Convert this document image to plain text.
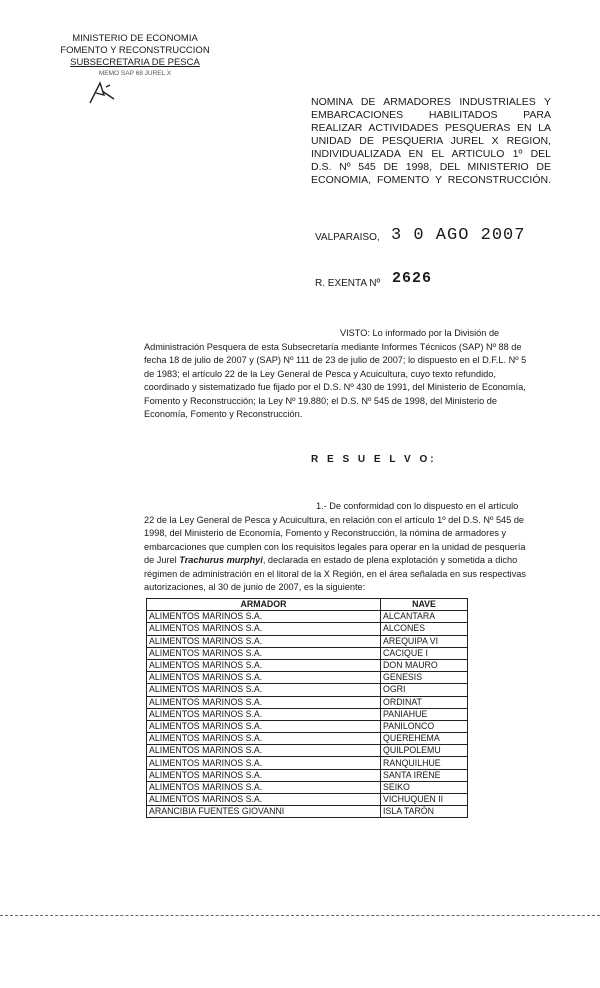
MINISTERIO DE ECONOMIA
FOMENTO Y RECONSTRUCCION
SUBSECRETARIA DE PESCA
MEMO SAP 68 JUREL X
NOMINA DE ARMADORES INDUSTRIALES Y
EMBARCACIONES HABILITADOS PARA
REALIZAR ACTIVIDADES PESQUERAS EN LA
UNIDAD DE PESQUERIA JUREL X REGION,
INDIVIDUALIZADA EN EL ARTICULO 1º DEL
D.S. Nº 545 DE 1998, DEL MINISTERIO DE
ECONOMIA, FOMENTO Y RECONSTRUCCIÓN.
VALPARAISO, 3 0 AGO 2007
R. EXENTA Nº 2626
VISTO: Lo informado por la División de
Administración Pesquera de esta Subsecretaría mediante Informes Técnicos (SAP) Nº 88 de
fecha 18 de julio de 2007 y (SAP) Nº 111 de 23 de julio de 2007; lo dispuesto en el D.F.L. Nº 5
de 1983; el artículo 22 de la Ley General de Pesca y Acuicultura, cuyo texto refundido,
coordinado y sistematizado fue fijado por el D.S. Nº 430 de 1991, del Ministerio de Economía,
Fomento y Reconstrucción; la Ley Nº 19.880; el D.S. Nº 545 de 1998, del Ministerio de
Economía, Fomento y Reconstrucción.
R E S U E L V O:
1.- De conformidad con lo dispuesto en el artículo
22 de la Ley General de Pesca y Acuicultura, en relación con el artículo 1º del D.S. Nº 545 de
1998, del Ministerio de Economía, Fomento y Reconstrucción, la nómina de armadores y
embarcaciones que cumplen con los requisitos legales para operar en la unidad de pesquería
de Jurel Trachurus murphyi, declarada en estado de plena explotación y sometida a dicho
régimen de administración en el litoral de la X Región, en el área señalada en sus respectivas
autorizaciones, al 30 de junio de 2007, es la siguiente:
ARMADOR	NAVE
ALIMENTOS MARINOS S.A.	ALCANTARA
ALIMENTOS MARINOS S.A.	ALCONES
ALIMENTOS MARINOS S.A.	AREQUIPA VI
ALIMENTOS MARINOS S.A.	CACIQUE I
ALIMENTOS MARINOS S.A.	DON MAURO
ALIMENTOS MARINOS S.A.	GENESIS
ALIMENTOS MARINOS S.A.	OGRI
ALIMENTOS MARINOS S.A.	ORDINAT
ALIMENTOS MARINOS S.A.	PANIAHUE
ALIMENTOS MARINOS S.A.	PANILONCO
ALIMENTOS MARINOS S.A.	QUEREHEMA
ALIMENTOS MARINOS S.A.	QUILPOLEMU
ALIMENTOS MARINOS S.A.	RANQUILHUE
ALIMENTOS MARINOS S.A.	SANTA IRENE
ALIMENTOS MARINOS S.A.	SEIKO
ALIMENTOS MARINOS S.A.	VICHUQUEN II
ARANCIBIA FUENTES GIOVANNI	ISLA TARÓN
